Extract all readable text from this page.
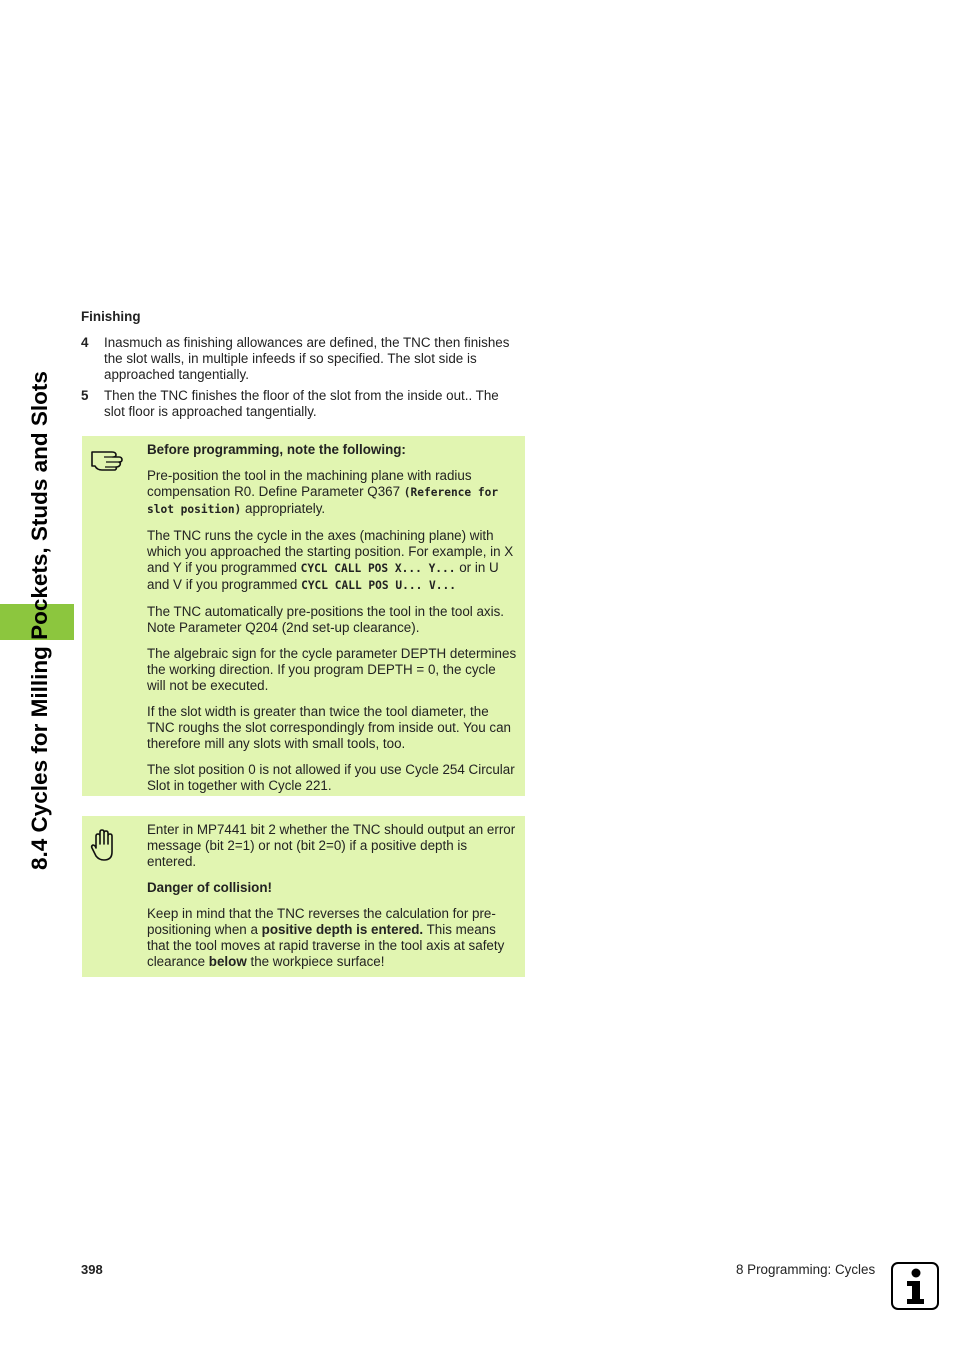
8.4 Cycles for Milling Pockets, Studs and Slots
Finishing
4 Inasmuch as finishing allowances are defined, the TNC then finishes the slot walls, in multiple infeeds if so specified. The slot side is approached tangentially.
5 Then the TNC finishes the floor of the slot from the inside out.. The slot floor is approached tangentially.

Before programming, note the following:

Pre-position the tool in the machining plane with radius compensation R0. Define Parameter Q367 (Reference for slot position) appropriately.

The TNC runs the cycle in the axes (machining plane) with which you approached the starting position. For example, in X and Y if you programmed CYCL CALL POS X... Y... or in U and V if you programmed CYCL CALL POS U... V...

The TNC automatically pre-positions the tool in the tool axis. Note Parameter Q204 (2nd set-up clearance).

The algebraic sign for the cycle parameter DEPTH determines the working direction. If you program DEPTH = 0, the cycle will not be executed.

If the slot width is greater than twice the tool diameter, the TNC roughs the slot correspondingly from inside out. You can therefore mill any slots with small tools, too.

The slot position 0 is not allowed if you use Cycle 254 Circular Slot in together with Cycle 221.

Enter in MP7441 bit 2 whether the TNC should output an error message (bit 2=1) or not (bit 2=0) if a positive depth is entered.

Danger of collision!

Keep in mind that the TNC reverses the calculation for pre-positioning when a positive depth is entered. This means that the tool moves at rapid traverse in the tool axis at safety clearance below the workpiece surface!

398	8 Programming: Cycles
